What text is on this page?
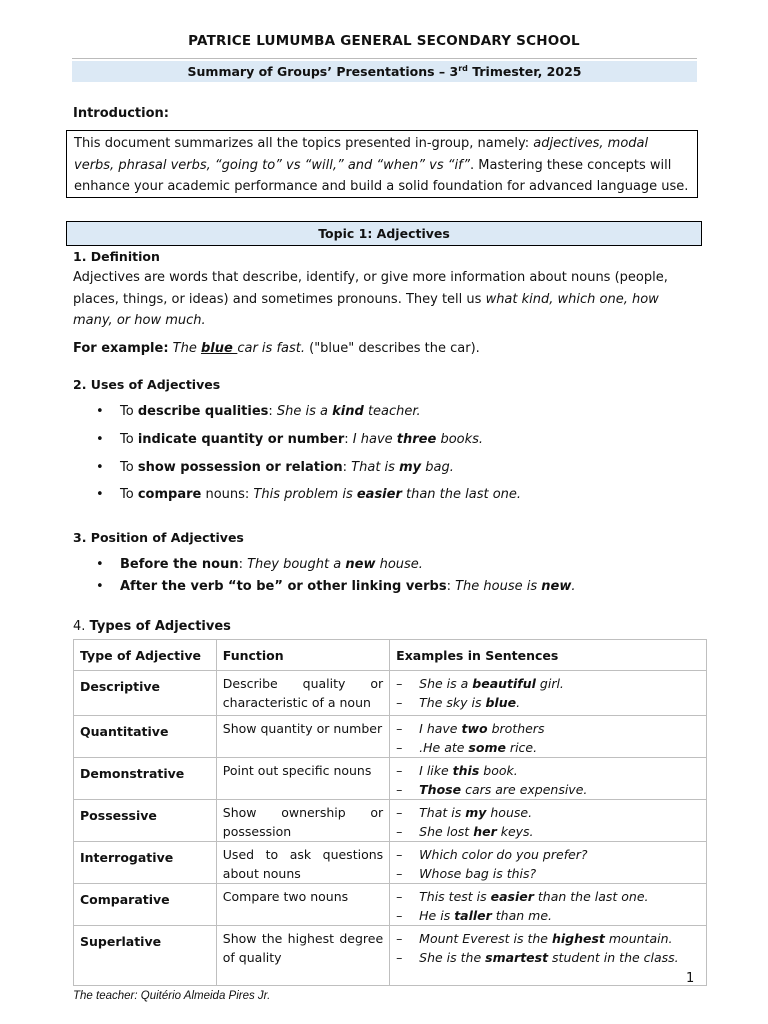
PATRICE LUMUMBA GENERAL SECONDARY SCHOOL
Summary of Groups’ Presentations – 3rd Trimester, 2025
Introduction:
This document summarizes all the topics presented in-group, namely: adjectives, modal verbs, phrasal verbs, “going to” vs “will,” and “when” vs “if”. Mastering these concepts will enhance your academic performance and build a solid foundation for advanced language use.
Topic 1: Adjectives
1. Definition
Adjectives are words that describe, identify, or give more information about nouns (people, places, things, or ideas) and sometimes pronouns. They tell us what kind, which one, how many, or how much.
For example: The blue car is fast. ("blue" describes the car).
2. Uses of Adjectives
• To describe qualities: She is a kind teacher.
• To indicate quantity or number: I have three books.
• To show possession or relation: That is my bag.
• To compare nouns: This problem is easier than the last one.
3. Position of Adjectives
• Before the noun: They bought a new house.
• After the verb “to be” or other linking verbs: The house is new.
4. Types of Adjectives
Type of Adjective	Function	Examples in Sentences
Descriptive	Describe quality or characteristic of a noun	– She is a beautiful girl.
– The sky is blue.

Quantitative	Show quantity or number	– I have two brothers
– .He ate some rice.

Demonstrative	Point out specific nouns	– I like this book.
– Those cars are expensive.

Possessive	Show ownership or possession	– That is my house.
– She lost her keys.

Interrogative	Used to ask questions about nouns	– Which color do you prefer?
– Whose bag is this?

Comparative	Compare two nouns	– This test is easier than the last one.
– He is taller than me.

Superlative	Show the highest degree of quality	– Mount Everest is the highest mountain.
– She is the smartest student in the class.
1
The teacher: Quitério Almeida Pires Jr.
